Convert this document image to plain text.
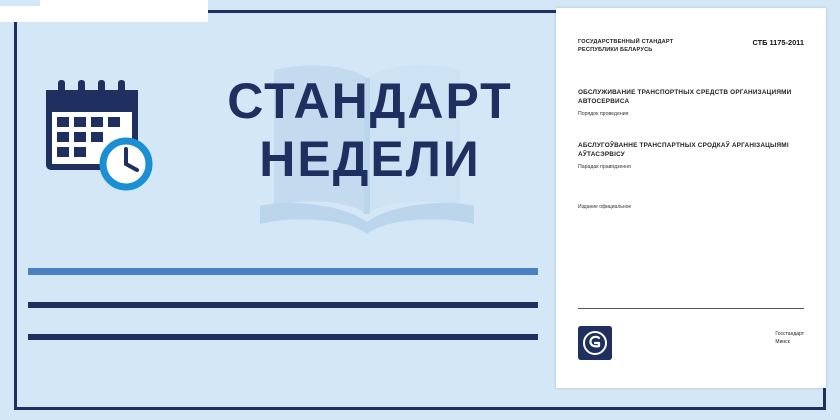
СТАНДАРТ
НЕДЕЛИ
ГОСУДАРСТВЕННЫЙ СТАНДАРТ
РЕСПУБЛИКИ БЕЛАРУСЬ
СТБ 1175-2011
ОБСЛУЖИВАНИЕ ТРАНСПОРТНЫХ СРЕДСТВ ОРГАНИЗАЦИЯМИ АВТОСЕРВИСА
Порядок проведения
АБСЛУГОЎВАННЕ ТРАНСПАРТНЫХ СРОДКАЎ АРГАНІЗАЦЫЯМІ АЎТАСЭРВІСУ
Парадак правядзення
Издание официальное
Госстандарт
Минск
